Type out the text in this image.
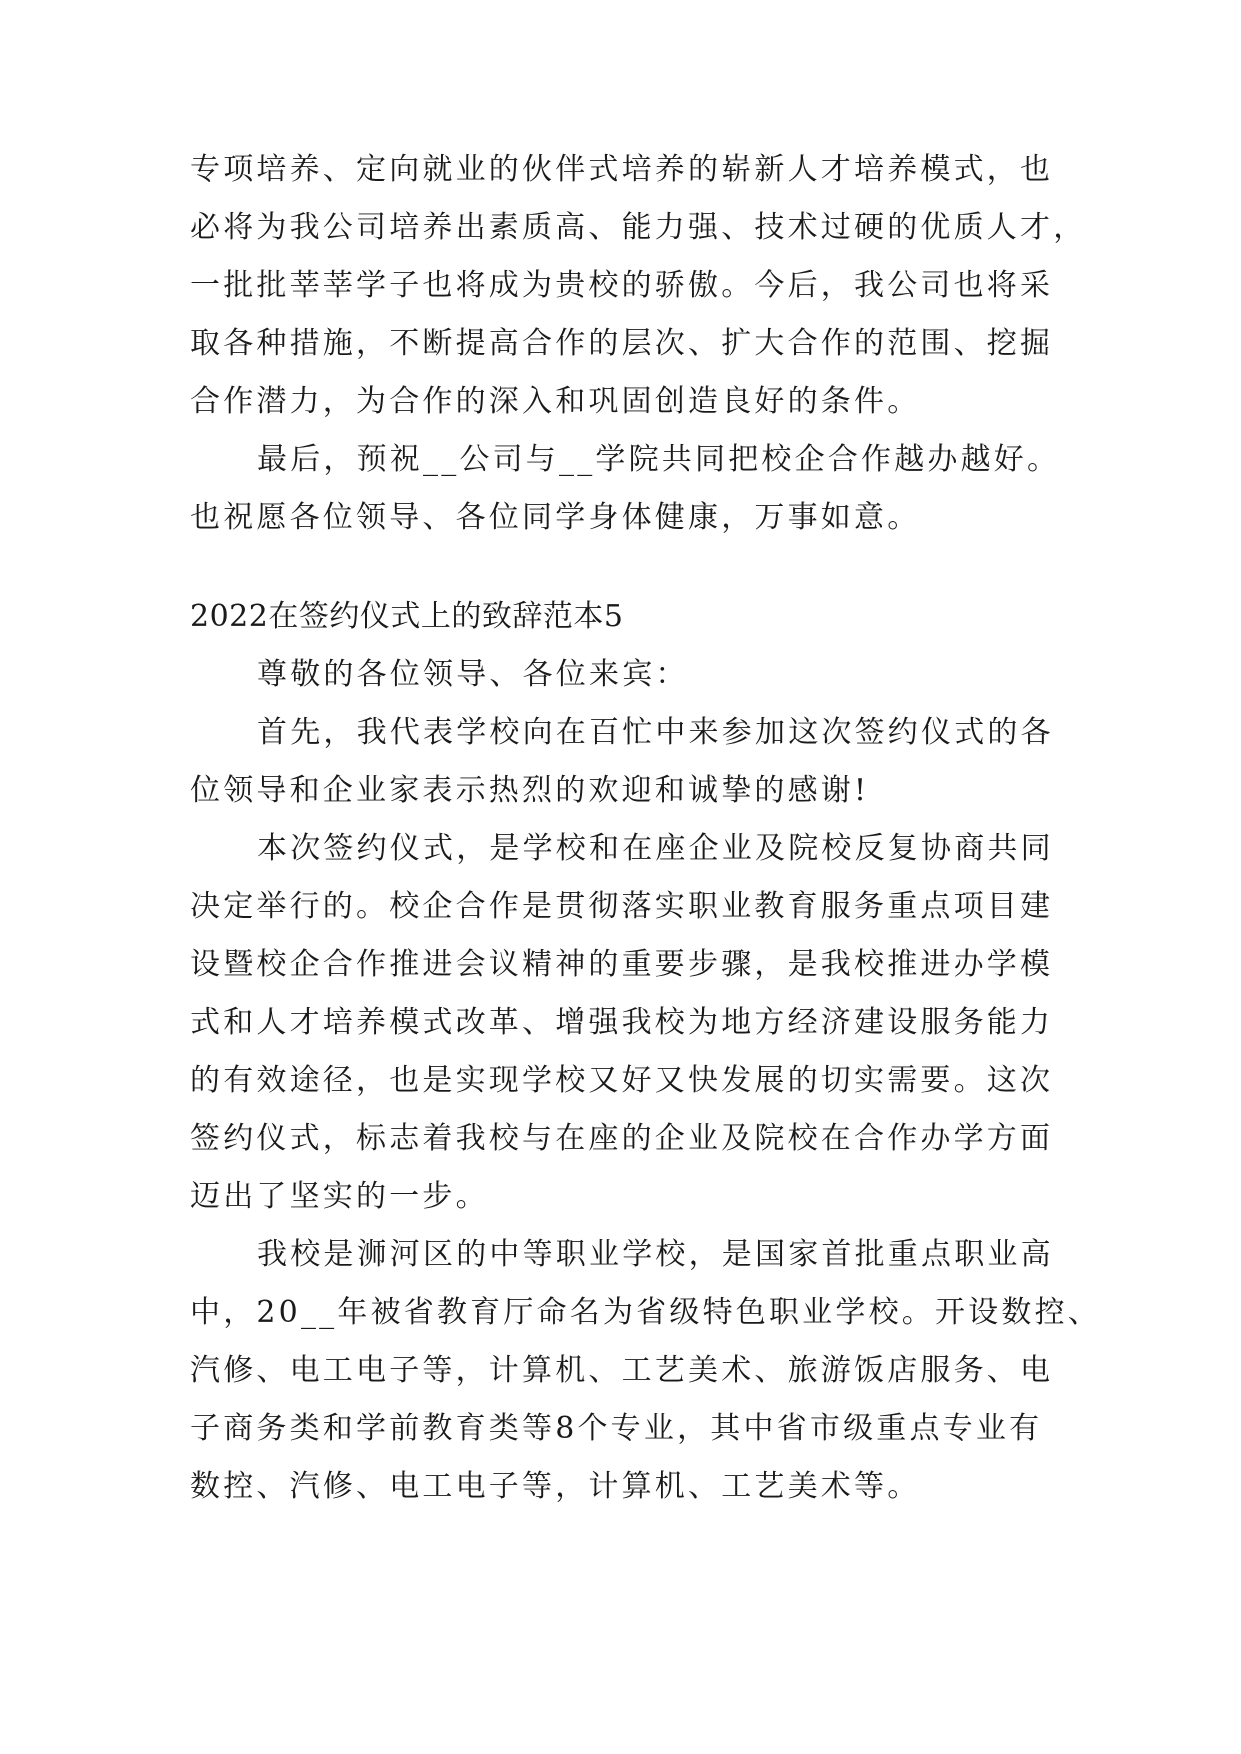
专项培养、定向就业的伙伴式培养的崭新人才培养模式，也
必将为我公司培养出素质高、能力强、技术过硬的优质人才，
一批批莘莘学子也将成为贵校的骄傲。今后，我公司也将采
取各种措施，不断提高合作的层次、扩大合作的范围、挖掘
合作潜力，为合作的深入和巩固创造良好的条件。
最后，预祝__公司与__学院共同把校企合作越办越好。
也祝愿各位领导、各位同学身体健康，万事如意。
2022在签约仪式上的致辞范本5
尊敬的各位领导、各位来宾：
首先，我代表学校向在百忙中来参加这次签约仪式的各
位领导和企业家表示热烈的欢迎和诚挚的感谢!
本次签约仪式，是学校和在座企业及院校反复协商共同
决定举行的。校企合作是贯彻落实职业教育服务重点项目建
设暨校企合作推进会议精神的重要步骤，是我校推进办学模
式和人才培养模式改革、增强我校为地方经济建设服务能力
的有效途径，也是实现学校又好又快发展的切实需要。这次
签约仪式，标志着我校与在座的企业及院校在合作办学方面
迈出了坚实的一步。
我校是浉河区的中等职业学校，是国家首批重点职业高
中，20__年被省教育厅命名为省级特色职业学校。开设数控、
汽修、电工电子等，计算机、工艺美术、旅游饭店服务、电
子商务类和学前教育类等8个专业，其中省市级重点专业有
数控、汽修、电工电子等，计算机、工艺美术等。
